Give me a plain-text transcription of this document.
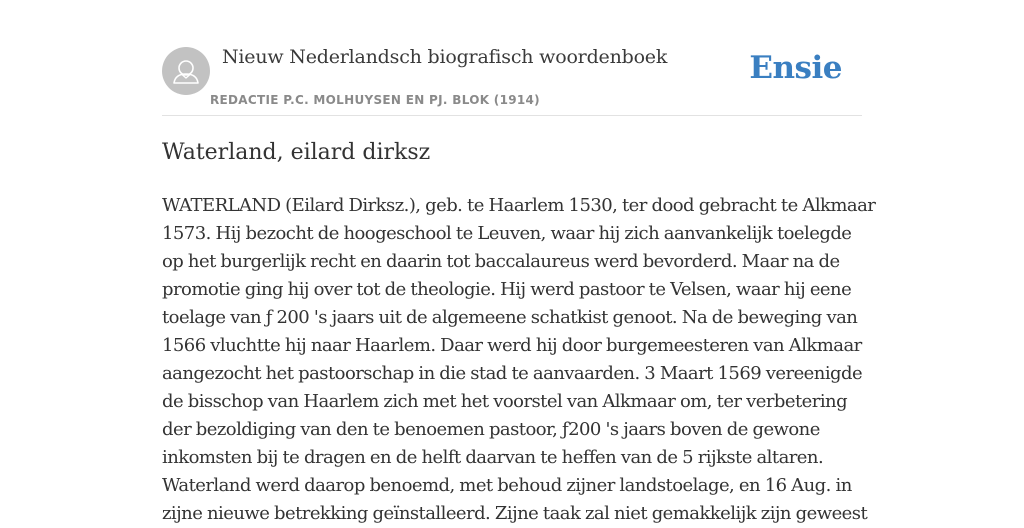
Nieuw Nederlandsch biografisch woordenboek
REDACTIE P.C. MOLHUYSEN EN PJ. BLOK (1914)
Ensie
Waterland, eilard dirksz
WATERLAND (Eilard Dirksz.), geb. te Haarlem 1530, ter dood gebracht te Alkmaar
1573. Hij bezocht de hoogeschool te Leuven, waar hij zich aanvankelijk toelegde
op het burgerlijk recht en daarin tot baccalaureus werd bevorderd. Maar na de
promotie ging hij over tot de theologie. Hij werd pastoor te Velsen, waar hij eene
toelage van ƒ 200 's jaars uit de algemeene schatkist genoot. Na de beweging van
1566 vluchtte hij naar Haarlem. Daar werd hij door burgemeesteren van Alkmaar
aangezocht het pastoorschap in die stad te aanvaarden. 3 Maart 1569 vereenigde
de bisschop van Haarlem zich met het voorstel van Alkmaar om, ter verbetering
der bezoldiging van den te benoemen pastoor, ƒ200 's jaars boven de gewone
inkomsten bij te dragen en de helft daarvan te heffen van de 5 rijkste altaren.
Waterland werd daarop benoemd, met behoud zijner landstoelage, en 16 Aug. in
zijne nieuwe betrekking geïnstalleerd. Zijne taak zal niet gemakkelijk zijn geweest
